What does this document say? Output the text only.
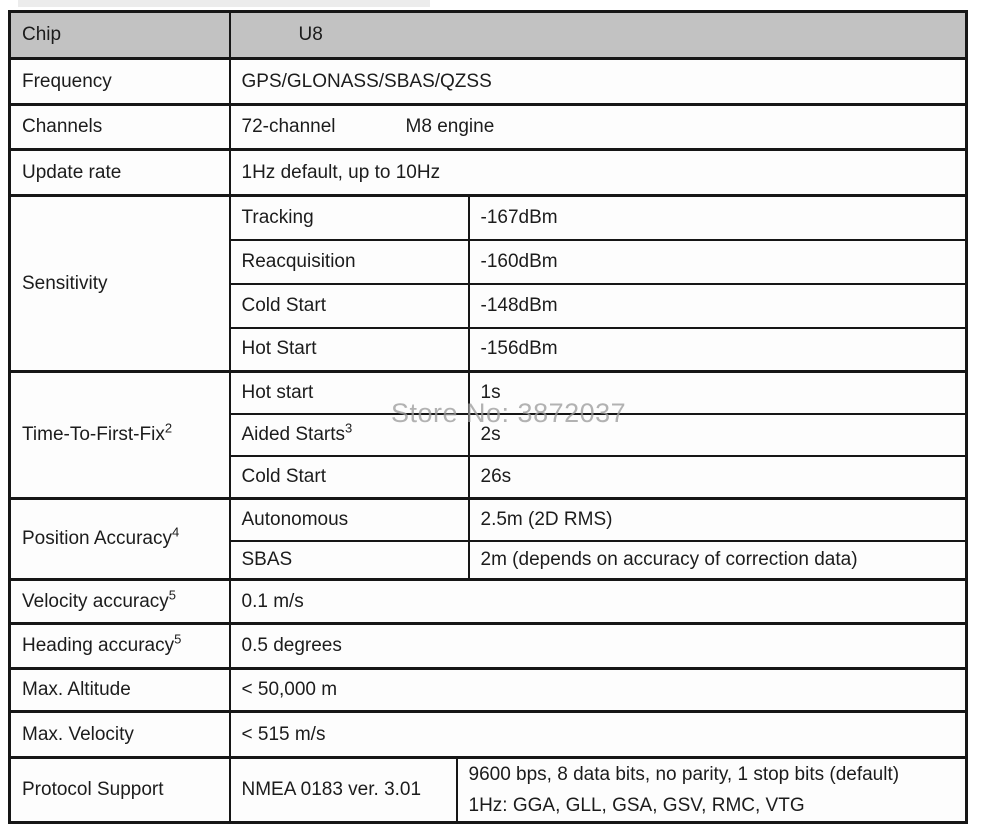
Chip	U8		
Frequency	GPS/GLONASS/SBAS/QZSS		
Channels	72-channel M8 engine		
Update rate	1Hz default, up to 10Hz		
Sensitivity	Tracking		-167dBm
	Reacquisition		-160dBm
	Cold Start		-148dBm
	Hot Start		-156dBm
Time-To-First-Fix$^2$	Hot start		1s
	Aided Starts$^3$		2s
	Cold Start		26s
Position Accuracy$^4$	Autonomous		2.5m (2D RMS)
	SBAS		2m (depends on accuracy of correction data)
Velocity accuracy$^5$	0.1 m/s		
Heading accuracy$^5$	0.5 degrees		
Max. Altitude	< 50,000 m		
Max. Velocity	< 515 m/s		
Protocol Support	NMEA 0183 ver. 3.01	9600 bps, 8 data bits, no parity, 1 stop bits (default)
1Hz: GGA, GLL, GSA, GSV, RMC, VTG	
Store No: 3872037
